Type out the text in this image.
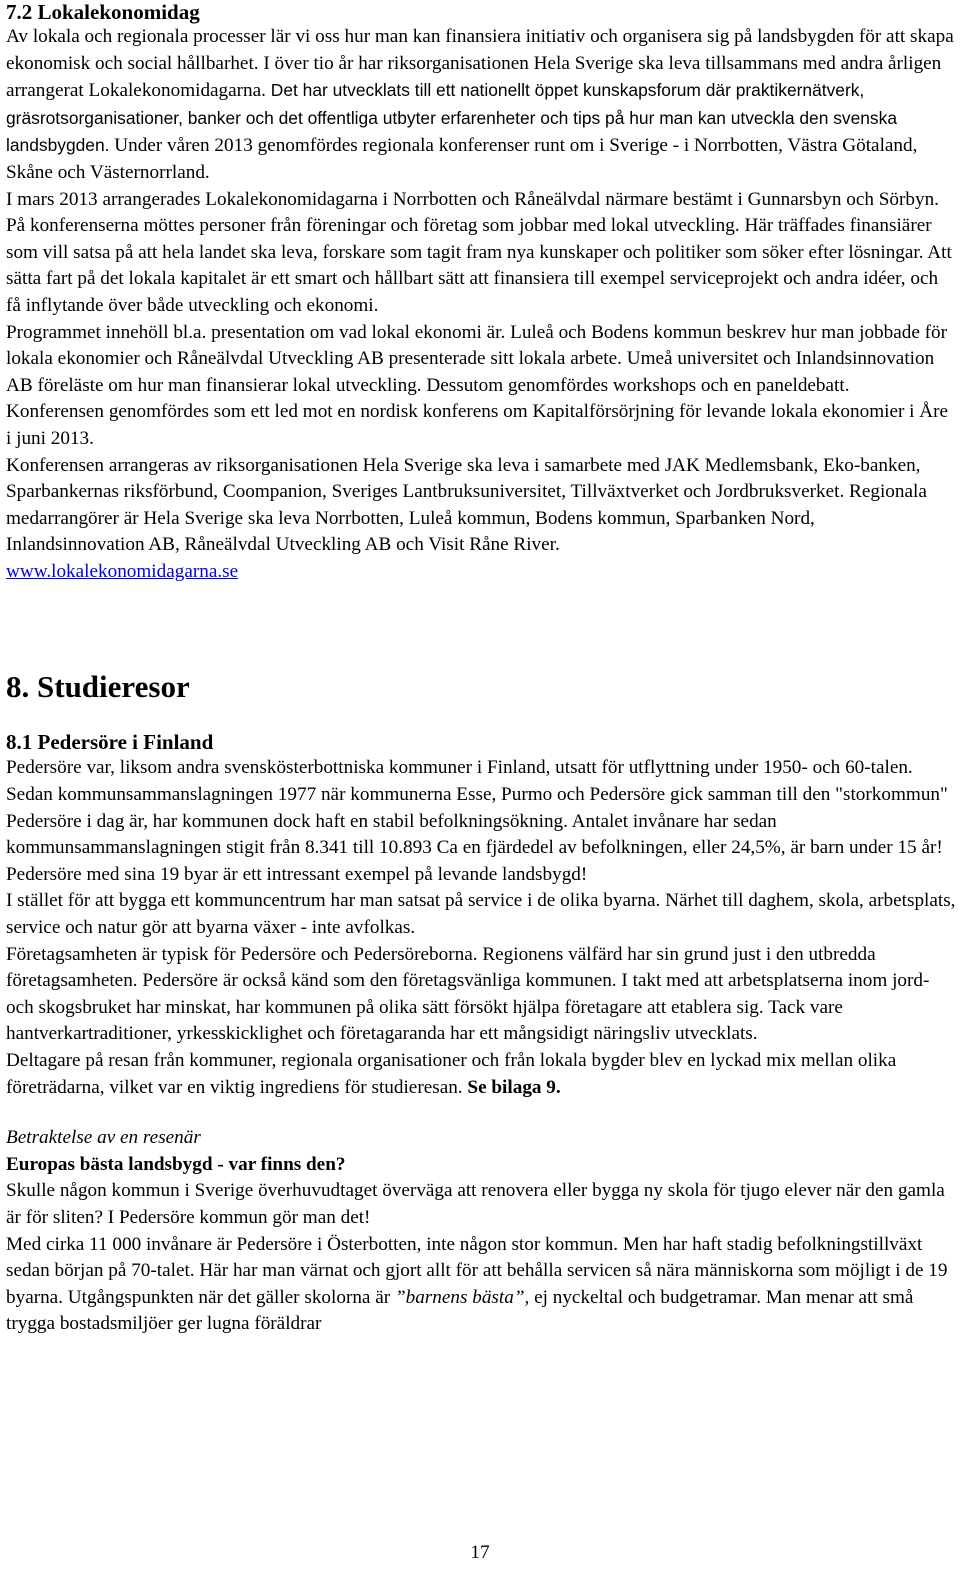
7.2 Lokalekonomidag

Av lokala och regionala processer lär vi oss hur man kan finansiera initiativ och organisera sig på landsbygden för att skapa ekonomisk och social hållbarhet. I över tio år har riksorganisationen Hela Sverige ska leva tillsammans med andra årligen arrangerat Lokalekonomidagarna. Det har utvecklats till ett nationellt öppet kunskapsforum där praktikernätverk, gräsrotsorganisationer, banker och det offentliga utbyter erfarenheter och tips på hur man kan utveckla den svenska landsbygden. Under våren 2013 genomfördes regionala konferenser runt om i Sverige - i Norrbotten, Västra Götaland, Skåne och Västernorrland.

I mars 2013 arrangerades Lokalekonomidagarna i Norrbotten och Råneälvdal närmare bestämt i Gunnarsbyn och Sörbyn. På konferenserna möttes personer från föreningar och företag som jobbar med lokal utveckling. Här träffades finansiärer som vill satsa på att hela landet ska leva, forskare som tagit fram nya kunskaper och politiker som söker efter lösningar. Att sätta fart på det lokala kapitalet är ett smart och hållbart sätt att finansiera till exempel serviceprojekt och andra idéer, och få inflytande över både utveckling och ekonomi.

Programmet innehöll bl.a. presentation om vad lokal ekonomi är. Luleå och Bodens kommun beskrev hur man jobbade för lokala ekonomier och Råneälvdal Utveckling AB presenterade sitt lokala arbete. Umeå universitet och Inlandsinnovation AB föreläste om hur man finansierar lokal utveckling. Dessutom genomfördes workshops och en paneldebatt.

Konferensen genomfördes som ett led mot en nordisk konferens om Kapitalförsörjning för levande lokala ekonomier i Åre i juni 2013.

Konferensen arrangeras av riksorganisationen Hela Sverige ska leva i samarbete med JAK Medlemsbank, Eko-banken, Sparbankernas riksförbund, Coompanion, Sveriges Lantbruksuniversitet, Tillväxtverket och Jordbruksverket. Regionala medarrangörer är Hela Sverige ska leva Norrbotten, Luleå kommun, Bodens kommun, Sparbanken Nord, Inlandsinnovation AB, Råneälvdal Utveckling AB och Visit Råne River.

www.lokalekonomidagarna.se

8. Studieresor
8.1 Pedersöre i Finland

Pedersöre var, liksom andra svenskösterbottniska kommuner i Finland, utsatt för utflyttning under 1950- och 60-talen. Sedan kommunsammanslagningen 1977 när kommunerna Esse, Purmo och Pedersöre gick samman till den "storkommun" Pedersöre i dag är, har kommunen dock haft en stabil befolkningsökning. Antalet invånare har sedan kommunsammanslagningen stigit från 8.341 till 10.893 Ca en fjärdedel av befolkningen, eller 24,5%, är barn under 15 år!

Pedersöre med sina 19 byar är ett intressant exempel på levande landsbygd!

I stället för att bygga ett kommuncentrum har man satsat på service i de olika byarna. Närhet till daghem, skola, arbetsplats, service och natur gör att byarna växer - inte avfolkas.

Företagsamheten är typisk för Pedersöre och Pedersöreborna. Regionens välfärd har sin grund just i den utbredda företagsamheten. Pedersöre är också känd som den företagsvänliga kommunen. I takt med att arbetsplatserna inom jord- och skogsbruket har minskat, har kommunen på olika sätt försökt hjälpa företagare att etablera sig. Tack vare hantverkartraditioner, yrkesskicklighet och företagaranda har ett mångsidigt näringsliv utvecklats.

Deltagare på resan från kommuner, regionala organisationer och från lokala bygder blev en lyckad mix mellan olika företrädarna, vilket var en viktig ingrediens för studieresan. Se bilaga 9.

Betraktelse av en resenär

Europas bästa landsbygd - var finns den?

Skulle någon kommun i Sverige överhuvudtaget överväga att renovera eller bygga ny skola för tjugo elever när den gamla är för sliten? I Pedersöre kommun gör man det!

Med cirka 11 000 invånare är Pedersöre i Österbotten, inte någon stor kommun. Men har haft stadig befolkningstillväxt sedan början på 70-talet. Här har man värnat och gjort allt för att behålla servicen så nära människorna som möjligt i de 19 byarna. Utgångspunkten när det gäller skolorna är ”barnens bästa”, ej nyckeltal och budgetramar. Man menar att små trygga bostadsmiljöer ger lugna föräldrar

17
